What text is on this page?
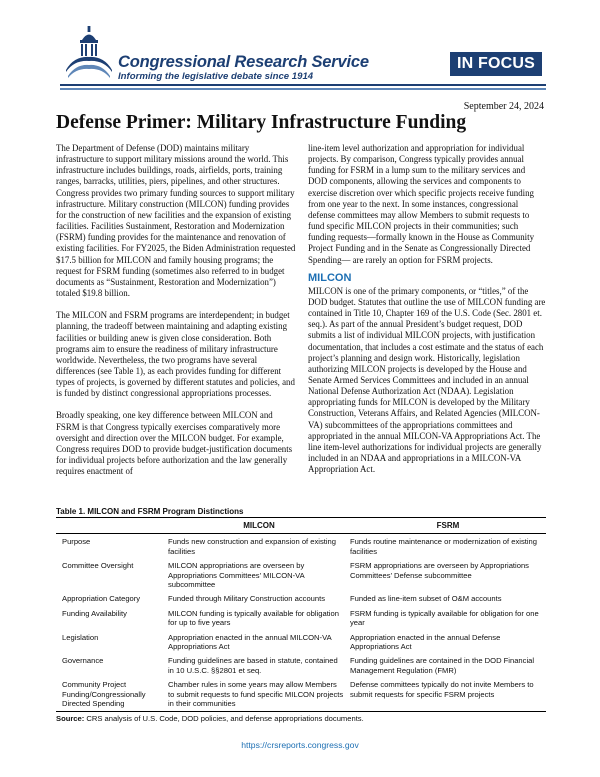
Congressional Research Service
Informing the legislative debate since 1914
IN FOCUS
September 24, 2024
Defense Primer: Military Infrastructure Funding

The Department of Defense (DOD) maintains military infrastructure to support military missions around the world. This infrastructure includes buildings, roads, airfields, ports, training ranges, barracks, utilities, piers, pipelines, and other structures. Congress provides two primary funding sources to support military infrastructure. Military construction (MILCON) funding provides for the construction of new facilities and the expansion of existing facilities. Facilities Sustainment, Restoration and Modernization (FSRM) funding provides for the maintenance and renovation of existing facilities. For FY2025, the Biden Administration requested $17.5 billion for MILCON and family housing programs; the request for FSRM funding (sometimes also referred to in budget documents as “Sustainment, Restoration and Modernization”) totaled $19.8 billion.

The MILCON and FSRM programs are interdependent; in budget planning, the tradeoff between maintaining and adapting existing facilities or building anew is given close consideration. Both programs aim to ensure the readiness of military infrastructure worldwide. Nevertheless, the two programs have several differences (see Table 1), as each provides funding for different types of projects, is governed by different statutes and policies, and is funded by distinct congressional appropriations processes.

Broadly speaking, one key difference between MILCON and FSRM is that Congress typically exercises comparatively more oversight and direction over the MILCON budget. For example, Congress requires DOD to provide budget-justification documents for individual projects before authorization and the law generally requires enactment of

line-item level authorization and appropriation for individual projects. By comparison, Congress typically provides annual funding for FSRM in a lump sum to the military services and DOD components, allowing the services and components to exercise discretion over which specific projects receive funding from one year to the next. In some instances, congressional defense committees may allow Members to submit requests to fund specific MILCON projects in their communities; such funding requests—formally known in the House as Community Project Funding and in the Senate as Congressionally Directed Spending— are rarely an option for FSRM projects.

MILCON

MILCON is one of the primary components, or “titles,” of the DOD budget. Statutes that outline the use of MILCON funding are contained in Title 10, Chapter 169 of the U.S. Code (Sec. 2801 et. seq.). As part of the annual President’s budget request, DOD submits a list of individual MILCON projects, with justification documentation, that includes a cost estimate and the status of each project’s planning and design work. Historically, legislation authorizing MILCON projects is developed by the House and Senate Armed Services Committees and included in an annual National Defense Authorization Act (NDAA). Legislation appropriating funds for MILCON is developed by the Military Construction, Veterans Affairs, and Related Agencies (MILCON-VA) subcommittees of the appropriations committees and appropriated in the annual MILCON-VA Appropriations Act. The line item-level authorizations for individual projects are generally included in an NDAA and appropriations in a MILCON-VA Appropriation Act.

Table 1. MILCON and FSRM Program Distinctions
	MILCON	FSRM
Purpose	Funds new construction and expansion of existing facilities	Funds routine maintenance or modernization of existing facilities
Committee Oversight	MILCON appropriations are overseen by Appropriations Committees’ MILCON-VA subcommittee	FSRM appropriations are overseen by Appropriations Committees’ Defense subcommittee
Appropriation Category	Funded through Military Construction accounts	Funded as line-item subset of O&M accounts
Funding Availability	MILCON funding is typically available for obligation for up to five years	FSRM funding is typically available for obligation for one year
Legislation	Appropriation enacted in the annual MILCON-VA Appropriations Act	Appropriation enacted in the annual Defense Appropriations Act
Governance	Funding guidelines are based in statute, contained in 10 U.S.C. §§2801 et seq.	Funding guidelines are contained in the DOD Financial Management Regulation (FMR)
Community Project Funding/Congressionally Directed Spending	Chamber rules in some years may allow Members to submit requests to fund specific MILCON projects in their communities	Defense committees typically do not invite Members to submit requests for specific FSRM projects
Source: CRS analysis of U.S. Code, DOD policies, and defense appropriations documents.
https://crsreports.congress.gov
